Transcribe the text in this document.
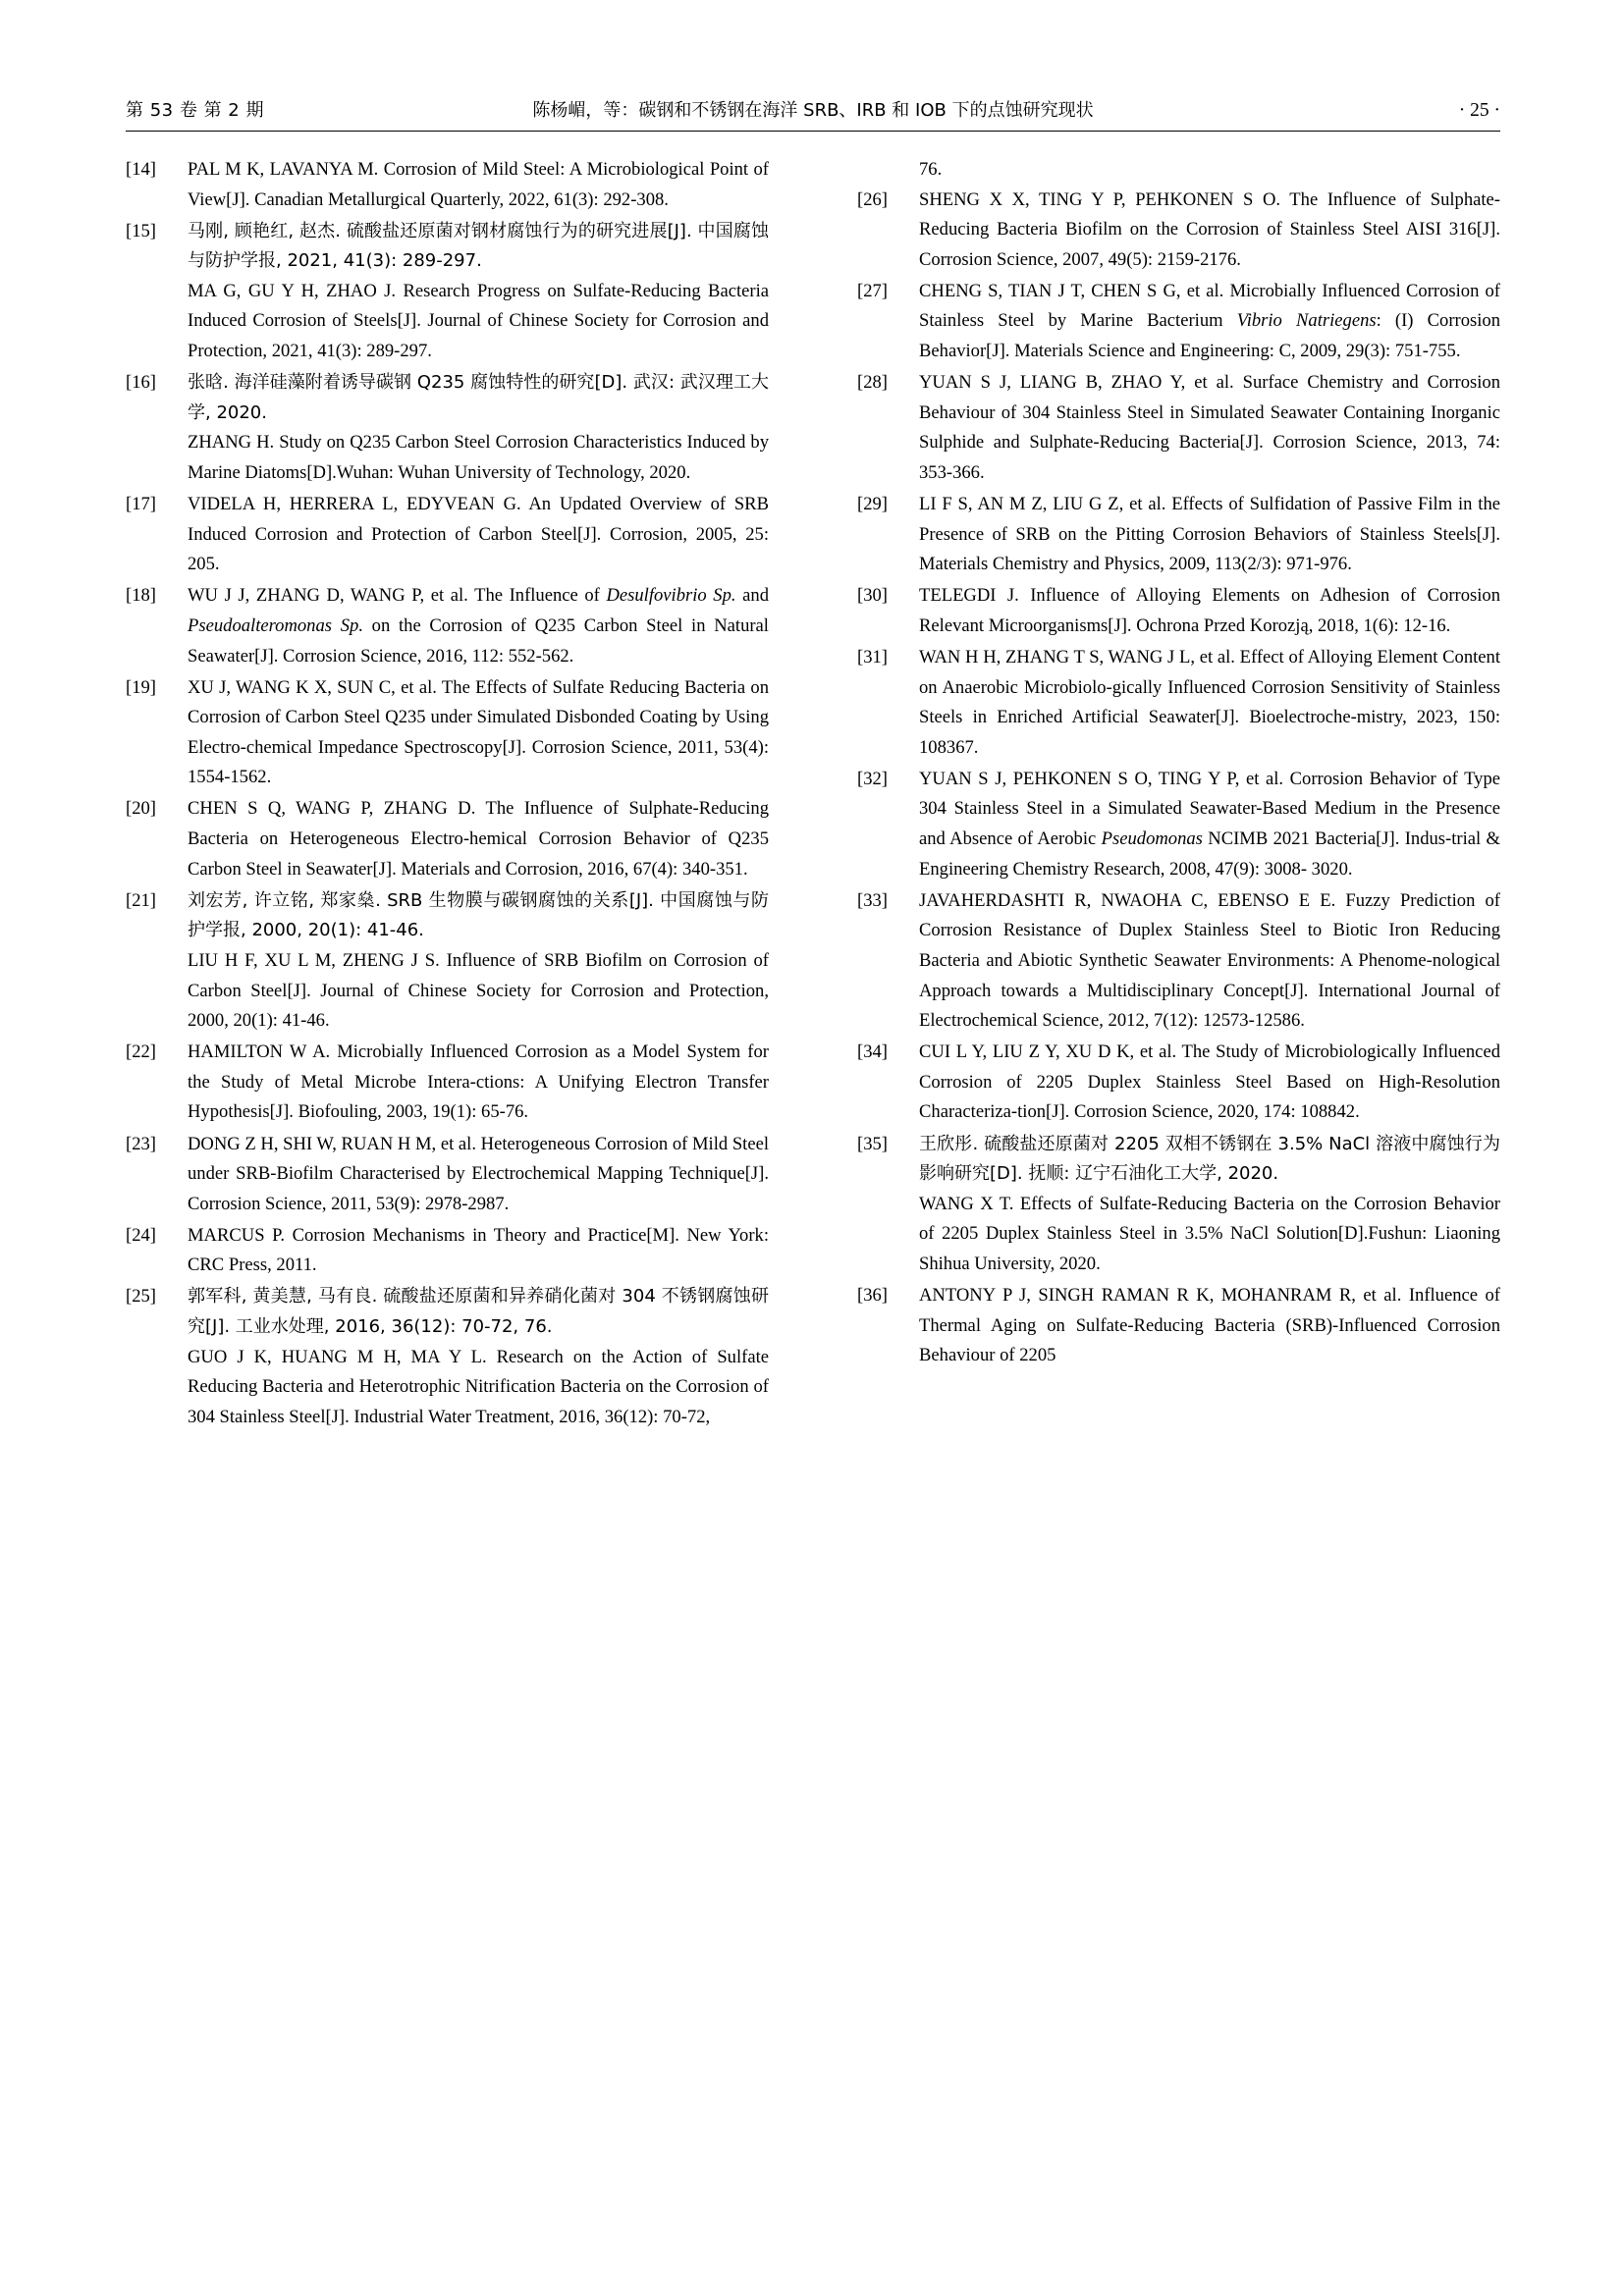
第 53 卷 第 2 期	陈杨嵋，等：碳钢和不锈钢在海洋 SRB、IRB 和 IOB 下的点蚀研究现状	· 25 ·
[14]	PAL M K, LAVANYA M. Corrosion of Mild Steel: A Microbiological Point of View[J]. Canadian Metallurgical Quarterly, 2022, 61(3): 292-308.

[15]	马刚, 顾艳红, 赵杰. 硫酸盐还原菌对钢材腐蚀行为的研究进展[J]. 中国腐蚀与防护学报, 2021, 41(3): 289-297.

MA G, GU Y H, ZHAO J. Research Progress on Sulfate-Reducing Bacteria Induced Corrosion of Steels[J]. Journal of Chinese Society for Corrosion and Protection, 2021, 41(3): 289-297.

[16]	张晗. 海洋硅藻附着诱导碳钢 Q235 腐蚀特性的研究[D]. 武汉: 武汉理工大学, 2020.

ZHANG H. Study on Q235 Carbon Steel Corrosion Characteristics Induced by Marine Diatoms[D].Wuhan: Wuhan University of Technology, 2020.

[17]	VIDELA H, HERRERA L, EDYVEAN G. An Updated Overview of SRB Induced Corrosion and Protection of Carbon Steel[J]. Corrosion, 2005, 25: 205.

[18]	WU J J, ZHANG D, WANG P, et al. The Influence of Desulfovibrio Sp. and Pseudoalteromonas Sp. on the Corrosion of Q235 Carbon Steel in Natural Seawater[J]. Corrosion Science, 2016, 112: 552-562.

[19]	XU J, WANG K X, SUN C, et al. The Effects of Sulfate Reducing Bacteria on Corrosion of Carbon Steel Q235 under Simulated Disbonded Coating by Using Electro-chemical Impedance Spectroscopy[J]. Corrosion Science, 2011, 53(4): 1554-1562.

[20]	CHEN S Q, WANG P, ZHANG D. The Influence of Sulphate-Reducing Bacteria on Heterogeneous Electro-hemical Corrosion Behavior of Q235 Carbon Steel in Seawater[J]. Materials and Corrosion, 2016, 67(4): 340-351.

[21]	刘宏芳, 许立铭, 郑家燊. SRB 生物膜与碳钢腐蚀的关系[J]. 中国腐蚀与防护学报, 2000, 20(1): 41-46.

LIU H F, XU L M, ZHENG J S. Influence of SRB Biofilm on Corrosion of Carbon Steel[J]. Journal of Chinese Society for Corrosion and Protection, 2000, 20(1): 41-46.

[22]	HAMILTON W A. Microbially Influenced Corrosion as a Model System for the Study of Metal Microbe Intera-ctions: A Unifying Electron Transfer Hypothesis[J]. Biofouling, 2003, 19(1): 65-76.

[23]	DONG Z H, SHI W, RUAN H M, et al. Heterogeneous Corrosion of Mild Steel under SRB-Biofilm Characterised by Electrochemical Mapping Technique[J]. Corrosion Science, 2011, 53(9): 2978-2987.

[24]	MARCUS P. Corrosion Mechanisms in Theory and Practice[M]. New York: CRC Press, 2011.

[25]	郭军科, 黄美慧, 马有良. 硫酸盐还原菌和异养硝化菌对 304 不锈钢腐蚀研究[J]. 工业水处理, 2016, 36(12): 70-72, 76.

GUO J K, HUANG M H, MA Y L. Research on the Action of Sulfate Reducing Bacteria and Heterotrophic Nitrification Bacteria on the Corrosion of 304 Stainless Steel[J]. Industrial Water Treatment, 2016, 36(12): 70-72,

76.
[26]	SHENG X X, TING Y P, PEHKONEN S O. The Influence of Sulphate-Reducing Bacteria Biofilm on the Corrosion of Stainless Steel AISI 316[J]. Corrosion Science, 2007, 49(5): 2159-2176.

[27]	CHENG S, TIAN J T, CHEN S G, et al. Microbially Influenced Corrosion of Stainless Steel by Marine Bacterium Vibrio Natriegens: (I) Corrosion Behavior[J]. Materials Science and Engineering: C, 2009, 29(3): 751-755.

[28]	YUAN S J, LIANG B, ZHAO Y, et al. Surface Chemistry and Corrosion Behaviour of 304 Stainless Steel in Simulated Seawater Containing Inorganic Sulphide and Sulphate-Reducing Bacteria[J]. Corrosion Science, 2013, 74: 353-366.

[29]	LI F S, AN M Z, LIU G Z, et al. Effects of Sulfidation of Passive Film in the Presence of SRB on the Pitting Corrosion Behaviors of Stainless Steels[J]. Materials Chemistry and Physics, 2009, 113(2/3): 971-976.

[30]	TELEGDI J. Influence of Alloying Elements on Adhesion of Corrosion Relevant Microorganisms[J]. Ochrona Przed Korozją, 2018, 1(6): 12-16.

[31]	WAN H H, ZHANG T S, WANG J L, et al. Effect of Alloying Element Content on Anaerobic Microbiolo-gically Influenced Corrosion Sensitivity of Stainless Steels in Enriched Artificial Seawater[J]. Bioelectroche-mistry, 2023, 150: 108367.

[32]	YUAN S J, PEHKONEN S O, TING Y P, et al. Corrosion Behavior of Type 304 Stainless Steel in a Simulated Seawater-Based Medium in the Presence and Absence of Aerobic Pseudomonas NCIMB 2021 Bacteria[J]. Indus-trial & Engineering Chemistry Research, 2008, 47(9): 3008- 3020.

[33]	JAVAHERDASHTI R, NWAOHA C, EBENSO E E. Fuzzy Prediction of Corrosion Resistance of Duplex Stainless Steel to Biotic Iron Reducing Bacteria and Abiotic Synthetic Seawater Environments: A Phenome-nological Approach towards a Multidisciplinary Concept[J]. International Journal of Electrochemical Science, 2012, 7(12): 12573-12586.

[34]	CUI L Y, LIU Z Y, XU D K, et al. The Study of Microbiologically Influenced Corrosion of 2205 Duplex Stainless Steel Based on High-Resolution Characteriza-tion[J]. Corrosion Science, 2020, 174: 108842.

[35]	王欣彤. 硫酸盐还原菌对 2205 双相不锈钢在 3.5% NaCl 溶液中腐蚀行为影响研究[D]. 抚顺: 辽宁石油化工大学, 2020.

WANG X T. Effects of Sulfate-Reducing Bacteria on the Corrosion Behavior of 2205 Duplex Stainless Steel in 3.5% NaCl Solution[D].Fushun: Liaoning Shihua University, 2020.

[36]	ANTONY P J, SINGH RAMAN R K, MOHANRAM R, et al. Influence of Thermal Aging on Sulfate-Reducing Bacteria (SRB)-Influenced Corrosion Behaviour of 2205
